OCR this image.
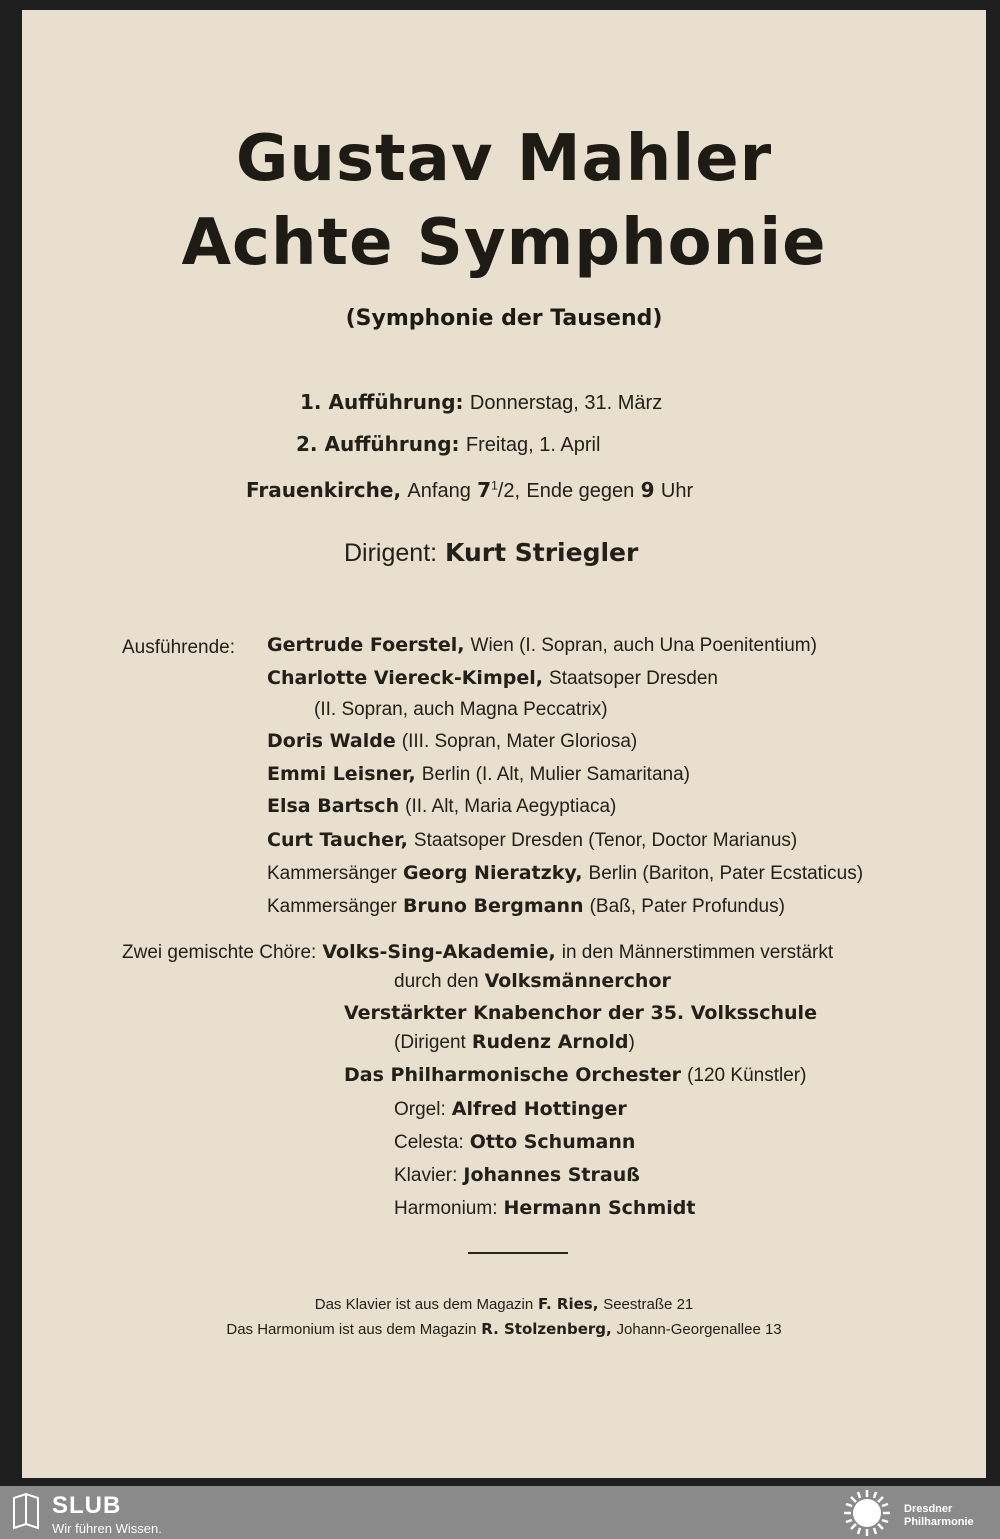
Gustav Mahler
Achte Symphonie
(Symphonie der Tausend)
1. Aufführung: Donnerstag, 31. März
2. Aufführung: Freitag, 1. April
Frauenkirche, Anfang $7^1/2$, Ende gegen 9 Uhr
Dirigent: Kurt Striegler
Ausführende: Gertrude Foerstel, Wien (I. Sopran, auch Una Poenitentium)
Charlotte Viereck-Kimpel, Staatsoper Dresden
(II. Sopran, auch Magna Peccatrix)
Doris Walde (III. Sopran, Mater Gloriosa)
Emmi Leisner, Berlin (I. Alt, Mulier Samaritana)
Elsa Bartsch (II. Alt, Maria Aegyptiaca)
Curt Taucher, Staatsoper Dresden (Tenor, Doctor Marianus)
Kammersänger Georg Nieratzky, Berlin (Bariton, Pater Ecstaticus)
Kammersänger Bruno Bergmann (Baß, Pater Profundus)
Zwei gemischte Chöre: Volks-Sing-Akademie, in den Männerstimmen verstärkt
durch den Volksmännerchor
Verstärkter Knabenchor der 35. Volksschule
(Dirigent Rudenz Arnold)
Das Philharmonische Orchester (120 Künstler)
Orgel: Alfred Hottinger
Celesta: Otto Schumann
Klavier: Johannes Strauß
Harmonium: Hermann Schmidt
Das Klavier ist aus dem Magazin F. Ries, Seestraße 21
Das Harmonium ist aus dem Magazin R. Stolzenberg, Johann-Georgenallee 13
SLUB
Wir führen Wissen.
Dresdner
Philharmonie
